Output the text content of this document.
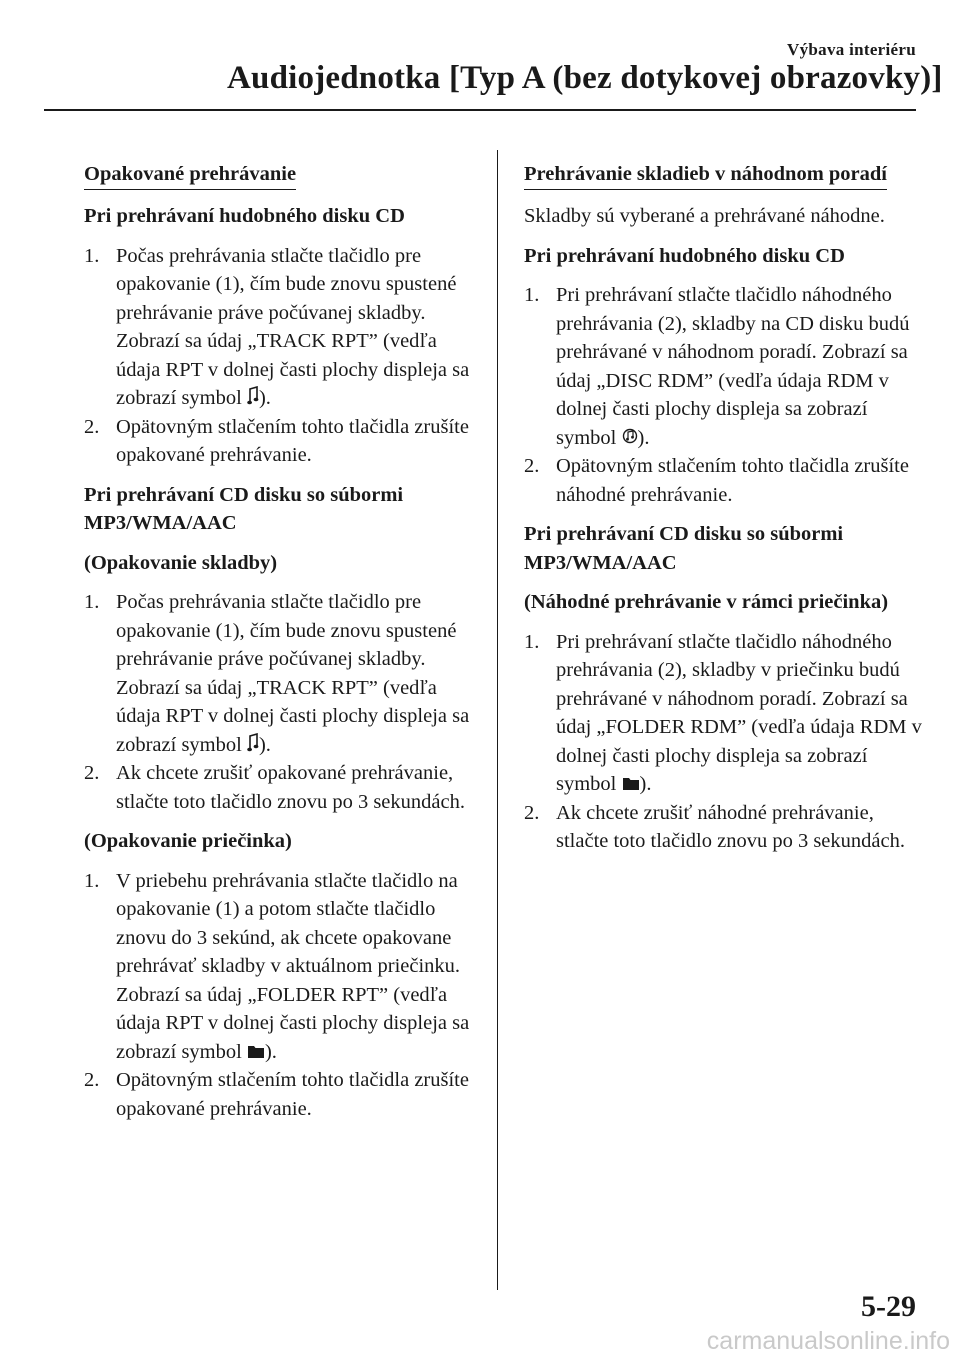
Výbava interiéru
Audiojednotka [Typ A (bez dotykovej obrazovky)]
Opakované prehrávanie
Pri prehrávaní hudobného disku CD
1. Počas prehrávania stlačte tlačidlo pre opakovanie (1), čím bude znovu spustené prehrávanie práve počúvanej skladby. Zobrazí sa údaj „TRACK RPT” (vedľa údaja RPT v dolnej časti plochy displeja sa zobrazí symbol ).
2. Opätovným stlačením tohto tlačidla zrušíte opakované prehrávanie.
Pri prehrávaní CD disku so súbormi MP3/WMA/AAC
(Opakovanie skladby)
1. Počas prehrávania stlačte tlačidlo pre opakovanie (1), čím bude znovu spustené prehrávanie práve počúvanej skladby. Zobrazí sa údaj „TRACK RPT” (vedľa údaja RPT v dolnej časti plochy displeja sa zobrazí symbol ).
2. Ak chcete zrušiť opakované prehrávanie, stlačte toto tlačidlo znovu po 3 sekundách.
(Opakovanie priečinka)
1. V priebehu prehrávania stlačte tlačidlo na opakovanie (1) a potom stlačte tlačidlo znovu do 3 sekúnd, ak chcete opakovane prehrávať skladby v aktuálnom priečinku. Zobrazí sa údaj „FOLDER RPT” (vedľa údaja RPT v dolnej časti plochy displeja sa zobrazí symbol ).
2. Opätovným stlačením tohto tlačidla zrušíte opakované prehrávanie.
Prehrávanie skladieb v náhodnom poradí
Skladby sú vyberané a prehrávané náhodne.
Pri prehrávaní hudobného disku CD
1. Pri prehrávaní stlačte tlačidlo náhodného prehrávania (2), skladby na CD disku budú prehrávané v náhodnom poradí. Zobrazí sa údaj „DISC RDM” (vedľa údaja RDM v dolnej časti plochy displeja sa zobrazí symbol ).
2. Opätovným stlačením tohto tlačidla zrušíte náhodné prehrávanie.
Pri prehrávaní CD disku so súbormi MP3/WMA/AAC
(Náhodné prehrávanie v rámci priečinka)
1. Pri prehrávaní stlačte tlačidlo náhodného prehrávania (2), skladby v priečinku budú prehrávané v náhodnom poradí. Zobrazí sa údaj „FOLDER RDM” (vedľa údaja RDM v dolnej časti plochy displeja sa zobrazí symbol ).
2. Ak chcete zrušiť náhodné prehrávanie, stlačte toto tlačidlo znovu po 3 sekundách.
5-29
carmanualsonline.info
